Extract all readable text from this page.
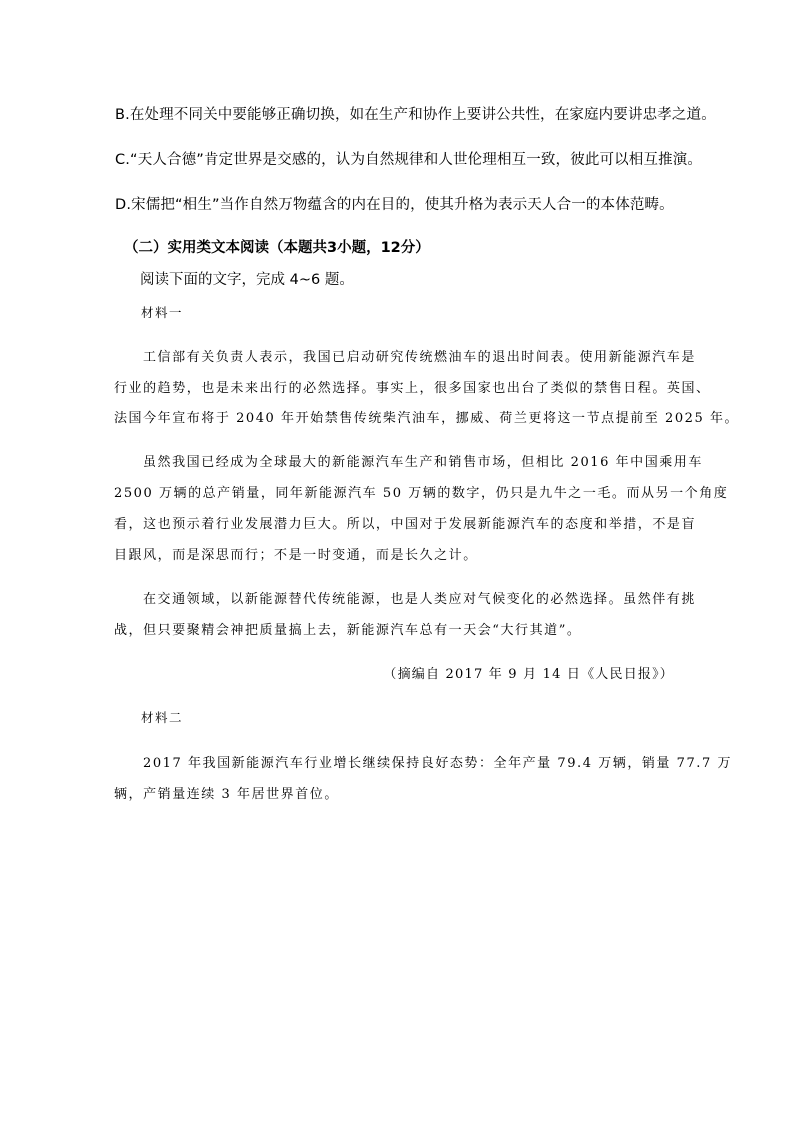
B.在处理不同关中要能够正确切换，如在生产和协作上要讲公共性，在家庭内要讲忠孝之道。

C.“天人合德”肯定世界是交感的，认为自然规律和人世伦理相互一致，彼此可以相互推演。

D.宋儒把“相生”当作自然万物蕴含的内在目的，使其升格为表示天人合一的本体范畴。

（二）实用类文本阅读（本题共3小题，12分）

阅读下面的文字，完成 4~6 题。

材料一

工信部有关负责人表示，我国已启动研究传统燃油车的退出时间表。使用新能源汽车是

行业的趋势，也是未来出行的必然选择。事实上，很多国家也出台了类似的禁售日程。英国、

法国今年宣布将于 2040 年开始禁售传统柴汽油车，挪威、荷兰更将这一节点提前至 2025 年。

虽然我国已经成为全球最大的新能源汽车生产和销售市场，但相比 2016 年中国乘用车

2500 万辆的总产销量，同年新能源汽车 50 万辆的数字，仍只是九牛之一毛。而从另一个角度

看，这也预示着行业发展潜力巨大。所以，中国对于发展新能源汽车的态度和举措，不是盲

目跟风，而是深思而行；不是一时变通，而是长久之计。

在交通领域，以新能源替代传统能源，也是人类应对气候变化的必然选择。虽然伴有挑

战，但只要聚精会神把质量搞上去，新能源汽车总有一天会“大行其道”。

（摘编自 2017 年 9 月 14 日《人民日报》）

材料二

2017 年我国新能源汽车行业增长继续保持良好态势：全年产量 79.4 万辆，销量 77.7 万

辆，产销量连续 3 年居世界首位。
